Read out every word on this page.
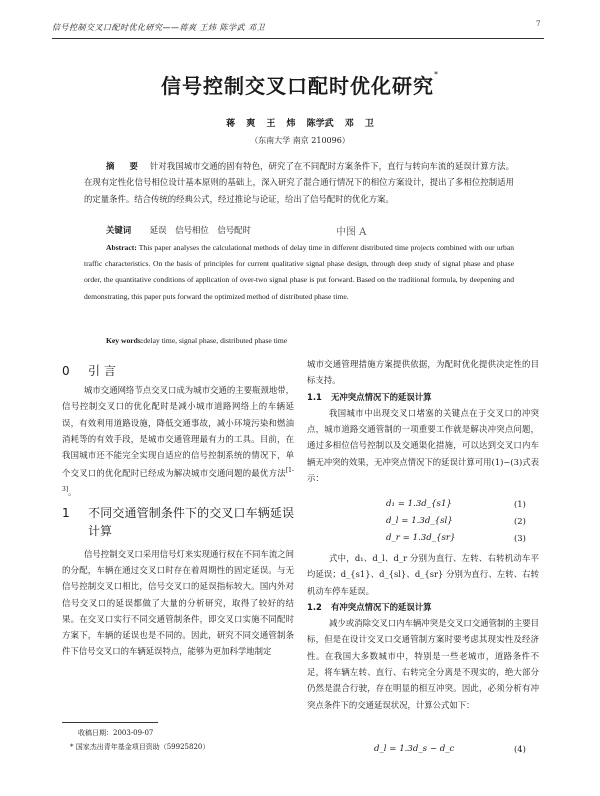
信号控制交叉口配时优化研究——蒋爽 王炜 陈学武 邓卫	7
信号控制交叉口配时优化研究*
蒋 爽 王 炜 陈学武 邓 卫
（东南大学 南京 210096）
摘 要 针对我国城市交通的固有特色，研究了在不同配时方案条件下，直行与转向车流的延误计算方法。在现有定性化信号相位设计基本原则的基础上，深入研究了混合通行情况下的相位方案设计，提出了多相位控制适用的定量条件。结合传统的经典公式，经过推论与论证，给出了信号配时的优化方案。
关键词 延误 信号相位 信号配时	中图 A
Abstract: This paper analyses the calculational methods of delay time in different distributed time projects combined with our urban traffic characteristics. On the basis of principles for current qualitative signal phase design, through deep study of signal phase and phase order, the quantitative conditions of application of over-two signal phase is put forward. Based on the traditional formula, by deepening and demonstrating, this paper puts forward the optimized method of distributed phase time.
Key words:delay time, signal phase, distributed phase time
0 引 言

城市交通网络节点交叉口成为城市交通的主要瓶颈地带，信号控制交叉口的优化配时是减小城市道路网络上的车辆延误，有效利用道路设施，降低交通事故，减小环境污染和燃油消耗等的有效手段，是城市交通管理最有力的工具。目前，在我国城市还不能完全实现自适应的信号控制系统的情况下，单个交叉口的优化配时已经成为解决城市交通问题的最优方法[1-3]。

1 不同交通管制条件下的交叉口车辆延误计算

信号控制交叉口采用信号灯来实现通行权在不同车流之间的分配，车辆在通过交叉口时存在着周期性的固定延误。与无信号控制交叉口相比，信号交叉口的延误指标较大。国内外对信号交叉口的延误都做了大量的分析研究，取得了较好的结果。在交叉口实行不同交通管制条件，即交叉口实施不同配时方案下，车辆的延误也是不同的。因此，研究不同交通管制条件下信号交叉口的车辆延误特点，能够为更加科学地制定

收稿日期：2003-09-07
* 国家杰出青年基金项目资助（59925820）

城市交通管理措施方案提供依据，为配时优化提供决定性的目标支持。

1.1 无冲突点情况下的延误计算

我国城市中出现交叉口堵塞的关键点在于交叉口的冲突点，城市道路交通管制的一项重要工作就是解决冲突点问题，通过多相位信号控制以及交通渠化措施，可以达到交叉口内车辆无冲突的效果，无冲突点情况下的延误计算可用(1)~(3)式表示：

d₁ = 1.3d_{s1}	(1)
d_l = 1.3d_{sl}	(2)
d_r = 1.3d_{sr}	(3)

式中，d₁、d_l、d_r 分别为直行、左转、右转机动车平均延误；d_{s1}、d_{sl}、d_{sr} 分别为直行、左转、右转机动车停车延误。

1.2 有冲突点情况下的延误计算

减少或消除交叉口内车辆冲突是交叉口交通管制的主要目标，但是在设计交叉口交通管制方案时要考虑其现实性及经济性。在我国大多数城市中，特别是一些老城市，道路条件不足，将车辆左转、直行、右转完全分离是不现实的，绝大部分仍然是混合行驶，存在明显的相互冲突。因此，必须分析有冲突点条件下的交通延误状况，计算公式如下：

d_l = 1.3d_s − d_c	(4)
